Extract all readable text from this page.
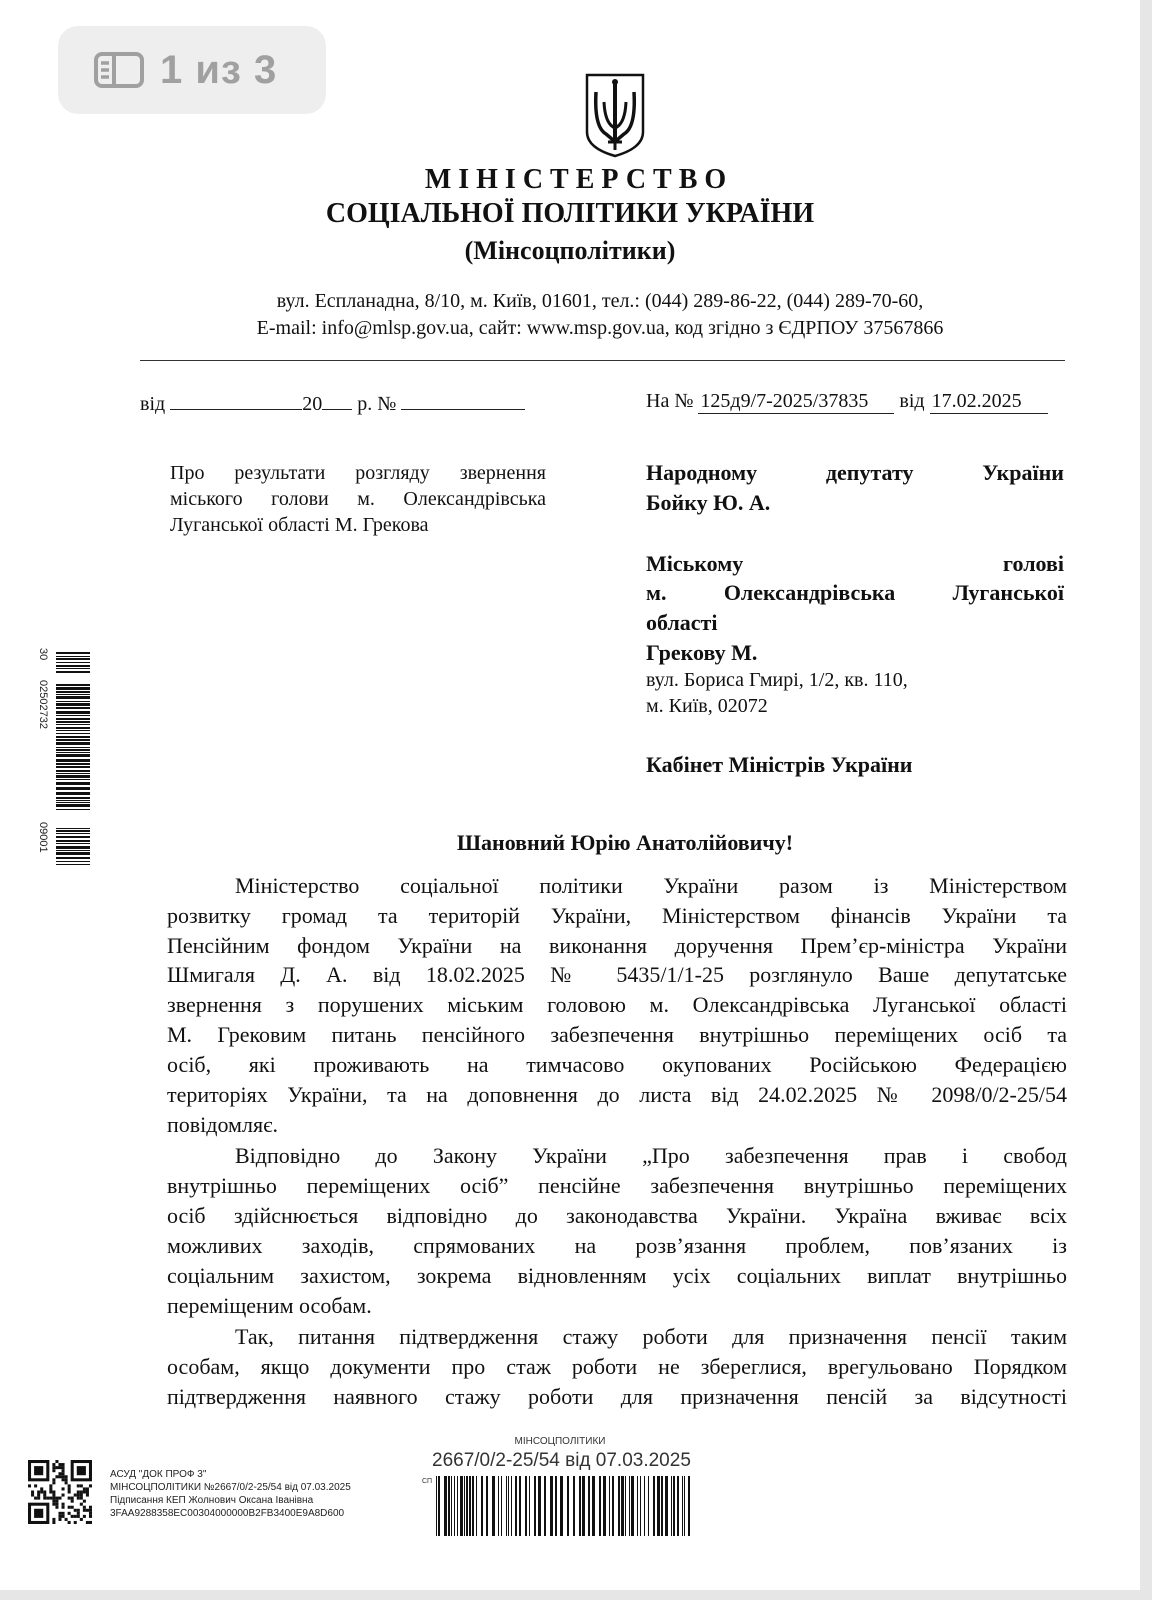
1 из 3
МІНІСТЕРСТВО
СОЦІАЛЬНОЇ ПОЛІТИКИ УКРАЇНИ
(Мінсоцполітики)
вул. Еспланадна, 8/10, м. Київ, 01601, тел.: (044) 289-86-22, (044) 289-70-60,
E-mail: info@mlsp.gov.ua, сайт: www.msp.gov.ua, код згідно з ЄДРПОУ 37567866
від	20 р. №	На № 125д9/7-2025/37835 від 17.02.2025
Про результати розгляду звернення міського голови м. Олександрівська Луганської області М. Грекова
Народному депутату України
Бойку Ю. А.
Міському голові
м. Олександрівська Луганської
області
Грекову М.
вул. Бориса Гмирі, 1/2, кв. 110,
м. Київ, 02072
Кабінет Міністрів України
Шановний Юрію Анатолійовичу!
Міністерство соціальної політики України разом із Міністерством
розвитку громад та територій України, Міністерством фінансів України та
Пенсійним фондом України на виконання доручення Прем’єр-міністра України
Шмигаля Д. А. від 18.02.2025 № 5435/1/1-25 розглянуло Ваше депутатське
звернення з порушених міським головою м. Олександрівська Луганської області
М. Грековим питань пенсійного забезпечення внутрішньо переміщених осіб та
осіб, які проживають на тимчасово окупованих Російською Федерацією
територіях України, та на доповнення до листа від 24.02.2025 № 2098/0/2-25/54
повідомляє.
Відповідно до Закону України „Про забезпечення прав і свобод
внутрішньо переміщених осіб” пенсійне забезпечення внутрішньо переміщених
осіб здійснюється відповідно до законодавства України. Україна вживає всіх
можливих заходів, спрямованих на розв’язання проблем, пов’язаних із
соціальним захистом, зокрема відновленням усіх соціальних виплат внутрішньо
переміщеним особам.
Так, питання підтвердження стажу роботи для призначення пенсії таким
особам, якщо документи про стаж роботи не збереглися, врегульовано Порядком
підтвердження наявного стажу роботи для призначення пенсій за відсутності
30
02502732
09001
АСУД "ДОК ПРОФ 3"
МІНСОЦПОЛІТИКИ №2667/0/2-25/54 від 07.03.2025
Підписання КЕП Жолнович Оксана Іванівна
3FAA9288358EC00304000000B2FB3400E9A8D600
МІНСОЦПОЛІТИКИ
2667/0/2-25/54 від 07.03.2025
СП
